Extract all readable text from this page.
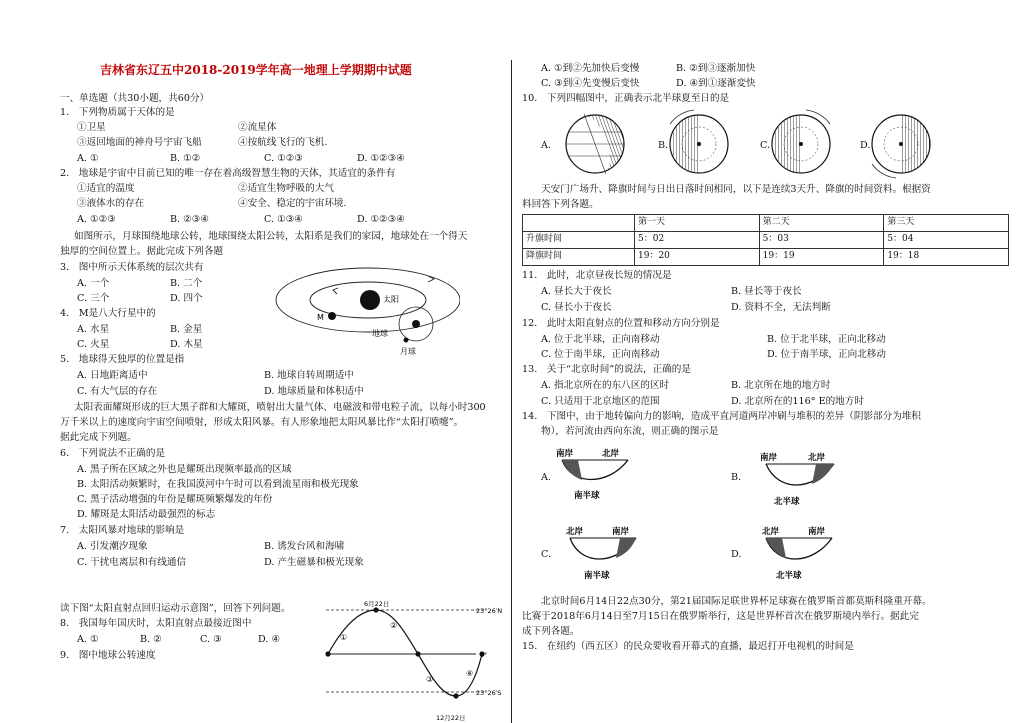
吉林省东辽五中2018-2019学年高一地理上学期期中试题
一、单选题（共30小题，共60分）
1.　下列物质属于天体的是
①卫星	②流星体
③返回地面的神舟号宇宙飞船	④按航线飞行的飞机.
A. ①	B. ①②	C. ①②③	D. ①②③④
2.　地球是宇宙中目前已知的唯一存在着高级智慧生物的天体，其适宜的条件有
①适宜的温度	②适宜生物呼吸的大气
③液体水的存在	④安全、稳定的宇宙环境.
A. ①②③	B. ②③④	C. ①③④	D. ①②③④
如图所示，月球围绕地球公转，地球围绕太阳公转，太阳系是我们的家园，地球处在一个得天
独厚的空间位置上。据此完成下列各题
3.　图中所示天体系统的层次共有
A. 一个	B. 二个
C. 三个	D. 四个
4.　M是八大行星中的
A. 水星	B. 金星
C. 火星	D. 木星
5.　地球得天独厚的位置是指
A. 日地距离适中	B. 地球自转周期适中
C. 有大气层的存在	D. 地球质量和体积适中
太阳表面耀斑形成的巨大黑子群和大耀斑，喷射出大量气体、电磁波和带电粒子流，以每小时300
万千米以上的速度向宇宙空间喷射，形成太阳风暴。有人形象地把太阳风暴比作“太阳打喷嚏”。
据此完成下列题。
6.　下列说法不正确的是
A. 黑子所在区域之外也是耀斑出现频率最高的区域
B. 太阳活动频繁时，在我国漠河中午时可以看到流星雨和极光现象
C. 黑子活动增强的年份是耀斑频繁爆发的年份
D. 耀斑是太阳活动最强烈的标志
7.　太阳风暴对地球的影响是
A. 引发潮汐现象	B. 诱发台风和海啸
C. 干扰电离层和有线通信	D. 产生磁暴和极光现象
读下图“太阳直射点回归运动示意图”，回答下列问题。
8.　我国每年国庆时，太阳直射点最接近图中
A. ①	B. ②	C. ③	D. ④
9.　图中地球公转速度
太阳
M
地球
月球
①
②
③
④
6月22日
12月22日
23°26′N
0°
23°26′S
A. ①到②先加快后变慢	B. ②到③逐渐加快
C. ③到④先变慢后变快	D. ④到①逐渐変快
10.　下列四幅图中，正确表示北半球夏至日的是
A.	B.	C.	D.
天安门广场升、降旗时间与日出日落时间相同，以下是连续3天升、降旗的时间资料。根据资
料回答下列各题。
	第一天	第二天	第三天
升旗时间	5：02	5：03	5：04
降旗时间	19：20	19：19	19：18
11.　此时，北京昼夜长短的情况是
A. 昼长大于夜长	B. 昼长等于夜长
C. 昼长小于夜长	D. 资料不全，无法判断
12.　此时太阳直射点的位置和移动方向分别是
A. 位于北半球，正向南移动	B. 位于北半球，正向北移动
C. 位于南半球，正向南移动	D. 位于南半球，正向北移动
13.　关于“北京时间”的说法，正确的是
A. 指北京所在的东八区的区时	B. 北京所在地的地方时
C. 只适用于北京地区的范围	D. 北京所在的116° E的地方时
14.　下图中，由于地转偏向力的影响，造成平直河道两岸冲刷与堆积的差异（阴影部分为堆积
物），若河流由西向东流，则正确的图示是
A.
南岸	北岸
南半球
B.
南岸	北岸
北半球
C.
北岸	南岸
南半球
D.
北岸	南岸
北半球
北京时间6月14日22点30分，第21届国际足联世界杯足球赛在俄罗斯首都莫斯科隆重开幕。
比赛于2018年6月14日至7月15日在俄罗斯举行，这是世界杯首次在俄罗斯境内举行。据此完
成下列各题。
15.　在纽约（西五区）的民众要收看开幕式的直播，最迟打开电视机的时间是
